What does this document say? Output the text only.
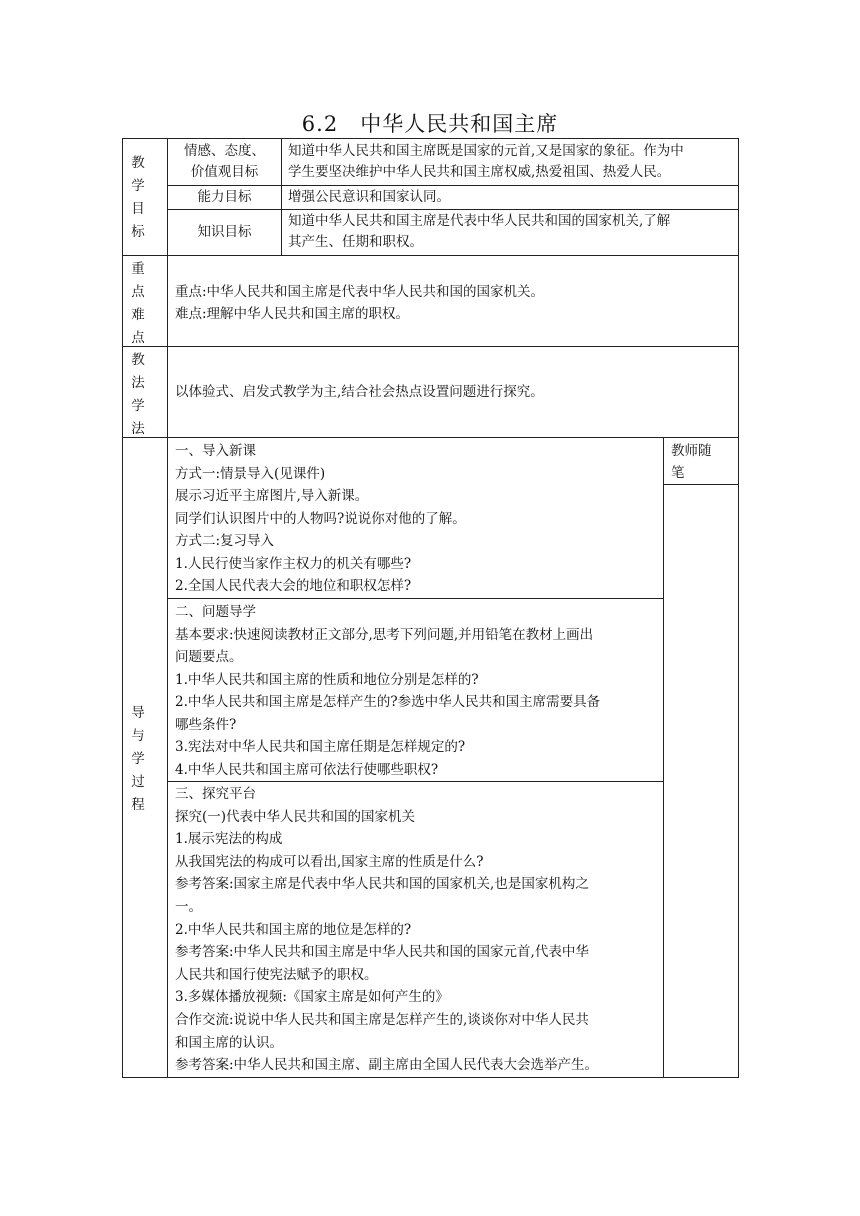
6.2　中华人民共和国主席
教
学
目
标
情感、态度、
价值观目标

知道中华人民共和国主席既是国家的元首,又是国家的象征。作为中

学生要坚决维护中华人民共和国主席权威,热爱祖国、热爱人民。

能力目标	增强公民意识和国家认同。
知识目标

知道中华人民共和国主席是代表中华人民共和国的国家机关,了解

其产生、任期和职权。

重
点
难
点

重点:中华人民共和国主席是代表中华人民共和国的国家机关。

难点:理解中华人民共和国主席的职权。

教
法
学
法
以体验式、启发式教学为主,结合社会热点设置问题进行探究。
导
与
学
过
程
教师随
笔

一、导入新课

方式一:情景导入(见课件)

展示习近平主席图片,导入新课。

同学们认识图片中的人物吗?说说你对他的了解。

方式二:复习导入

1.人民行使当家作主权力的机关有哪些?

2.全国人民代表大会的地位和职权怎样?

二、问题导学

基本要求:快速阅读教材正文部分,思考下列问题,并用铅笔在教材上画出

问题要点。

1.中华人民共和国主席的性质和地位分别是怎样的?

2.中华人民共和国主席是怎样产生的?参选中华人民共和国主席需要具备

哪些条件?

3.宪法对中华人民共和国主席任期是怎样规定的?

4.中华人民共和国主席可依法行使哪些职权?

三、探究平台

探究(一)代表中华人民共和国的国家机关

1.展示宪法的构成

从我国宪法的构成可以看出,国家主席的性质是什么?

参考答案:国家主席是代表中华人民共和国的国家机关,也是国家机构之

一。

2.中华人民共和国主席的地位是怎样的?

参考答案:中华人民共和国主席是中华人民共和国的国家元首,代表中华

人民共和国行使宪法赋予的职权。

3.多媒体播放视频:《国家主席是如何产生的》

合作交流:说说中华人民共和国主席是怎样产生的,谈谈你对中华人民共

和国主席的认识。

参考答案:中华人民共和国主席、副主席由全国人民代表大会选举产生。
